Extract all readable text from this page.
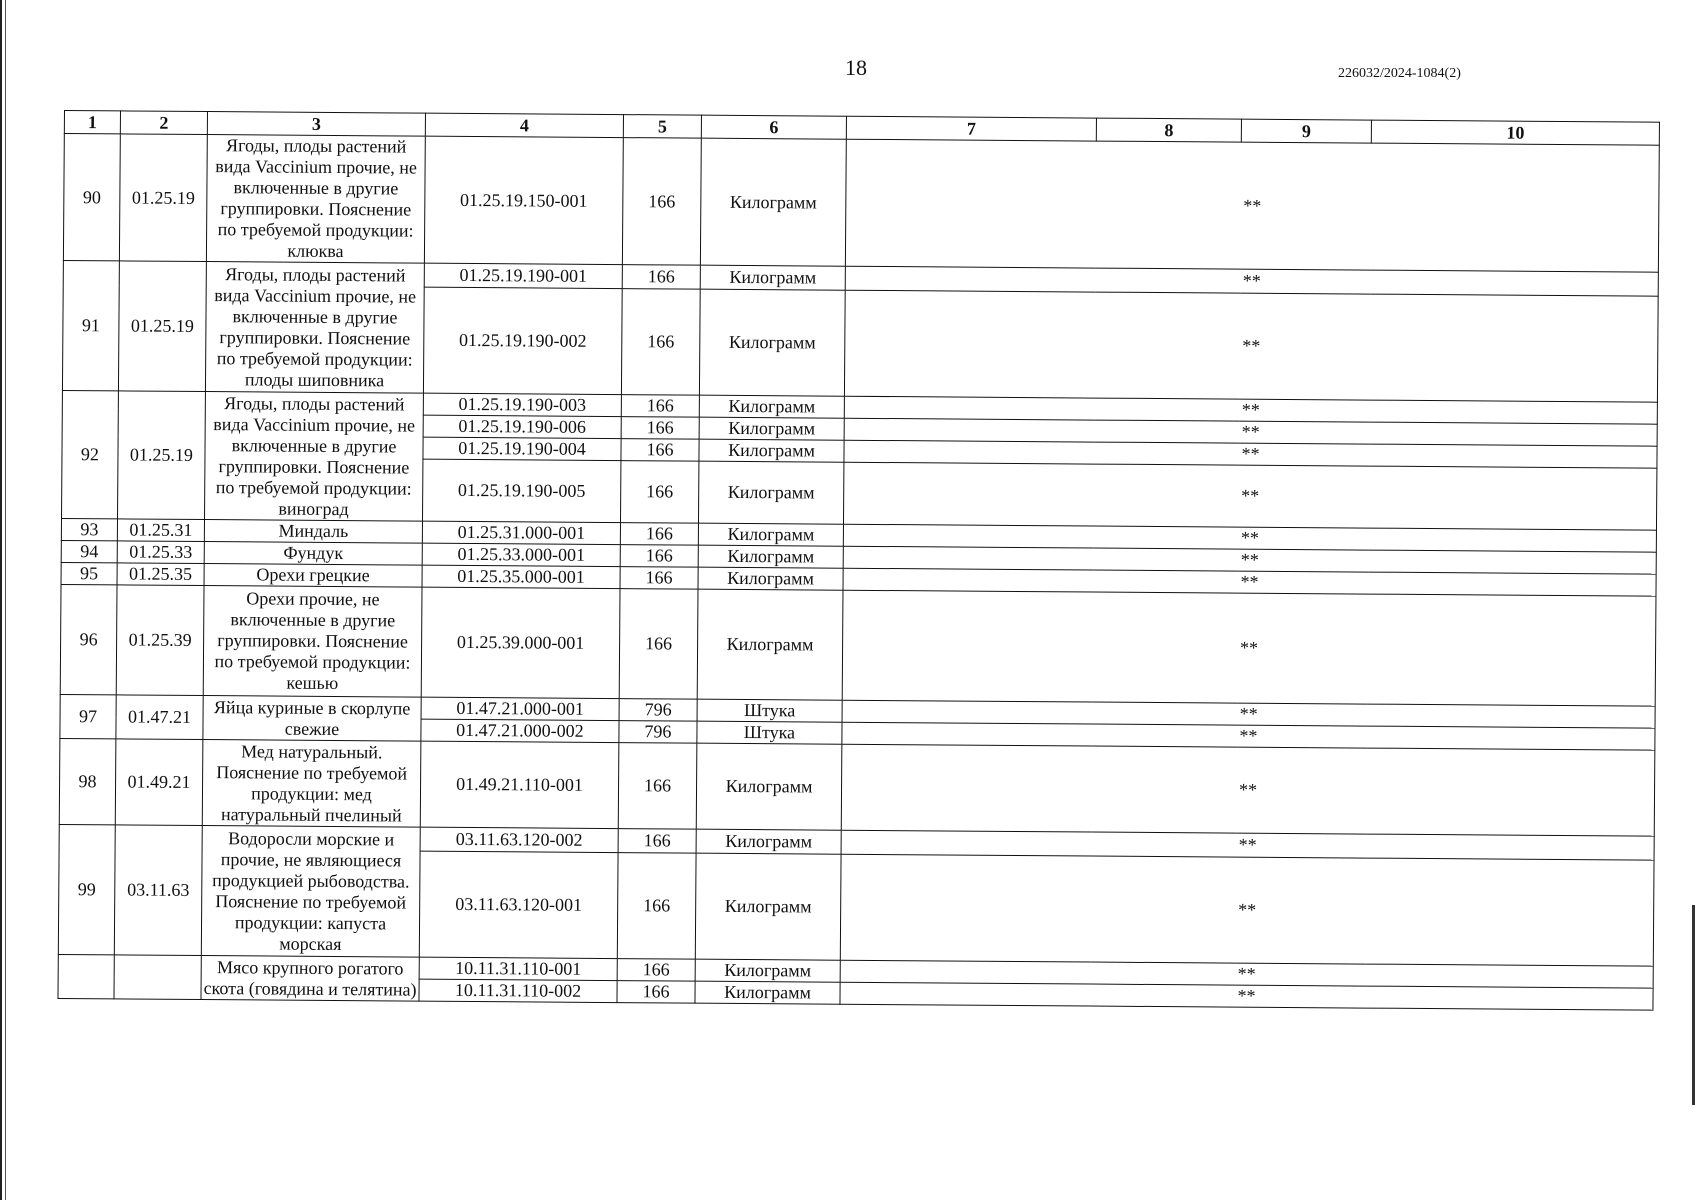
18	226032/2024-1084(2)
1	2	3	4	5	6	7	8	9	10
90	01.25.19	Ягоды, плоды растений вида Vaccinium прочие, не включенные в другие группировки. Пояснение по требуемой продукции: клюква	01.25.19.150-001	166	Килограмм	**			
91	01.25.19	Ягоды, плоды растений вида Vaccinium прочие, не включенные в другие группировки. Пояснение по требуемой продукции: плоды шиповника	01.25.19.190-001	166	Килограмм	**			
			01.25.19.190-002	166	Килограмм	**			
92	01.25.19	Ягоды, плоды растений вида Vaccinium прочие, не включенные в другие группировки. Пояснение по требуемой продукции: виноград	01.25.19.190-003	166	Килограмм	**			
			01.25.19.190-006	166	Килограмм	**			
			01.25.19.190-004	166	Килограмм	**			
			01.25.19.190-005	166	Килограмм	**			
93	01.25.31	Миндаль	01.25.31.000-001	166	Килограмм	**			
94	01.25.33	Фундук	01.25.33.000-001	166	Килограмм	**			
95	01.25.35	Орехи грецкие	01.25.35.000-001	166	Килограмм	**			
96	01.25.39	Орехи прочие, не включенные в другие группировки. Пояснение по требуемой продукции: кешью	01.25.39.000-001	166	Килограмм	**			
97	01.47.21	Яйца куриные в скорлупе свежие	01.47.21.000-001	796	Штука	**			
			01.47.21.000-002	796	Штука	**			
98	01.49.21	Мед натуральный. Пояснение по требуемой продукции: мед натуральный пчелиный	01.49.21.110-001	166	Килограмм	**			
99	03.11.63	Водоросли морские и прочие, не являющиеся продукцией рыбоводства. Пояснение по требуемой продукции: капуста морская	03.11.63.120-002	166	Килограмм	**			
			03.11.63.120-001	166	Килограмм	**			
		Мясо крупного рогатого скота (говядина и телятина)	10.11.31.110-001	166	Килограмм	**			
			10.11.31.110-002	166	Килограмм	**			
